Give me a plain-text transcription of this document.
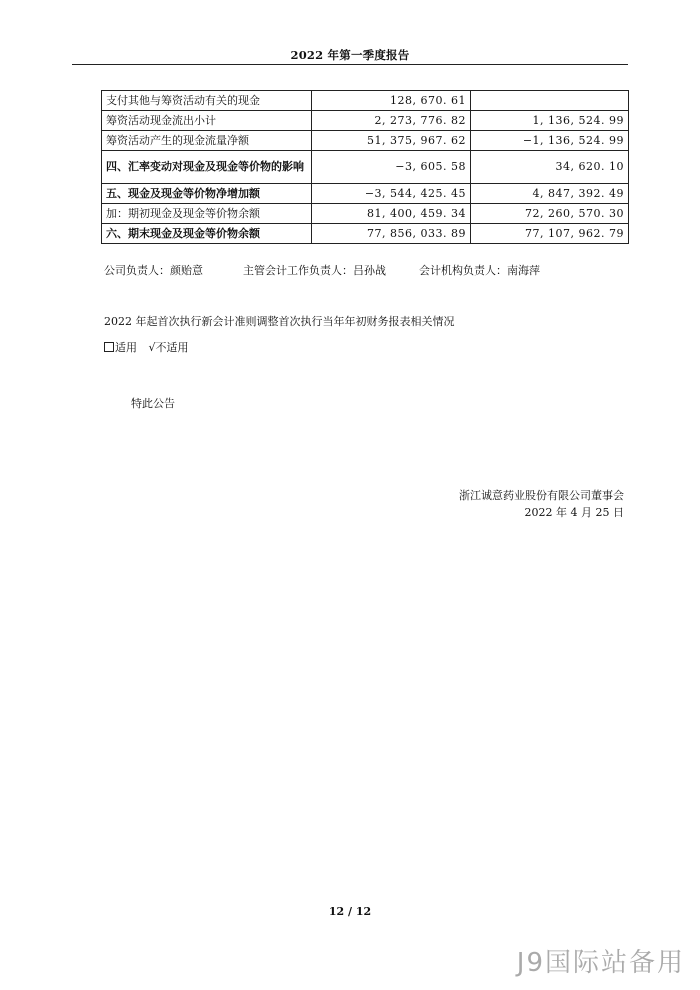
2022 年第一季度报告
支付其他与筹资活动有关的现金	128, 670. 61	
筹资活动现金流出小计	2, 273, 776. 82	1, 136, 524. 99
筹资活动产生的现金流量净额	51, 375, 967. 62	−1, 136, 524. 99
四、汇率变动对现金及现金等价物的影响	−3, 605. 58	34, 620. 10
五、现金及现金等价物净增加额	−3, 544, 425. 45	4, 847, 392. 49
加：期初现金及现金等价物余额	81, 400, 459. 34	72, 260, 570. 30
六、期末现金及现金等价物余额	77, 856, 033. 89	77, 107, 962. 79
公司负责人：颜贻意	主管会计工作负责人：吕孙战	会计机构负责人：南海萍
2022 年起首次执行新会计准则调整首次执行当年年初财务报表相关情况
适用 √不适用
特此公告
浙江诚意药业股份有限公司董事会
2022 年 4 月 25 日
12 / 12
J9国际站备用
